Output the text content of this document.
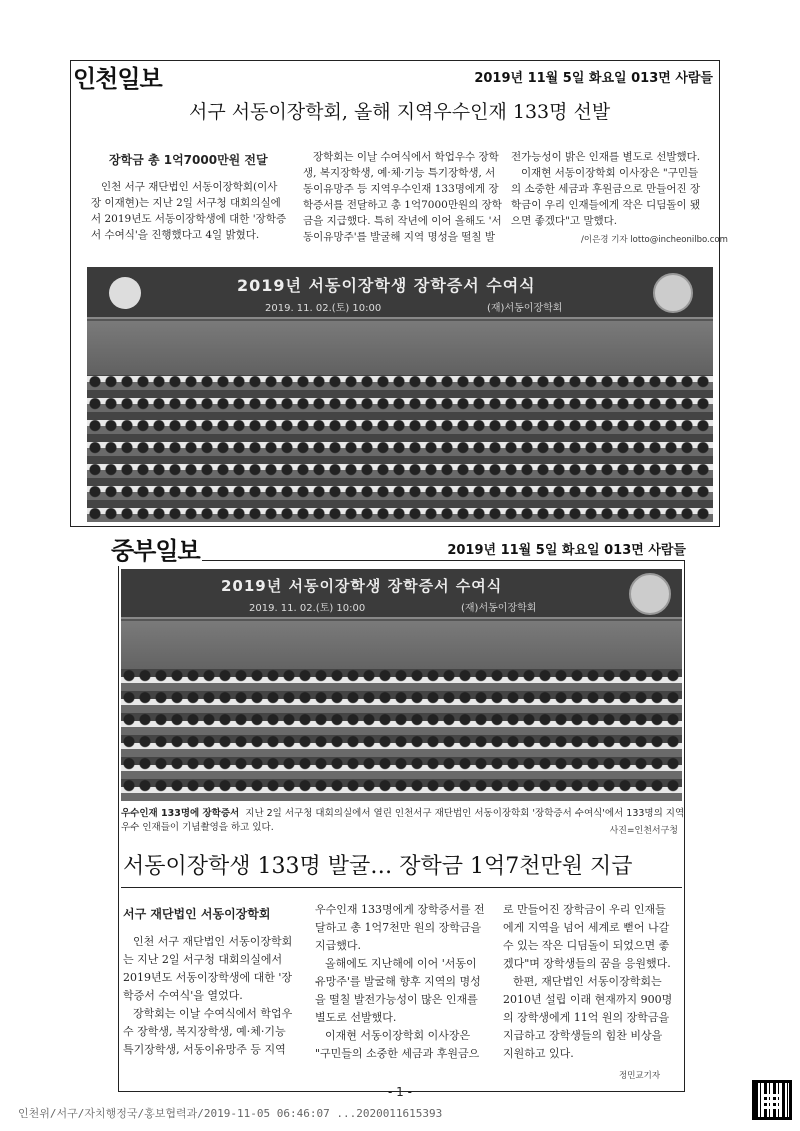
인천일보	2019년 11월 5일 화요일 013면 사람들
서구 서동이장학회, 올해 지역우수인재 133명 선발
장학금 총 1억7000만원 전달

인천 서구 재단법인 서동이장학회(이사

장 이재현)는 지난 2일 서구청 대회의실에

서 2019년도 서동이장학생에 대한 '장학증

서 수여식'을 진행했다고 4일 밝혔다.

장학회는 이날 수여식에서 학업우수 장학

생, 복지장학생, 예·체·기능 특기장학생, 서

동이유망주 등 지역우수인재 133명에게 장

학증서를 전달하고 총 1억7000만원의 장학

금을 지급했다. 특히 작년에 이어 올해도 '서

동이유망주'를 발굴해 지역 명성을 떨칠 발

전가능성이 밝은 인재를 별도로 선발했다.

이재현 서동이장학회 이사장은 "구민들

의 소중한 세금과 후원금으로 만들어진 장

학금이 우리 인재들에게 작은 디딤돌이 됐

으면 좋겠다"고 말했다.

/이은경 기자 lotto@incheonilbo.com
2019년 서동이장학생 장학증서 수여식
2019. 11. 02.(토) 10:00	(재)서동이장학회
중부일보	2019년 11월 5일 화요일 013면 사람들
2019년 서동이장학생 장학증서 수여식
2019. 11. 02.(토) 10:00	(재)서동이장학회
우수인재 133명에 장학증서 지난 2일 서구청 대회의실에서 열린 인천서구 재단법인 서동이장학회 '장학증서 수여식'에서 133명의 지역
우수 인재들이 기념촬영을 하고 있다.	사진=인천서구청
서동이장학생 133명 발굴… 장학금 1억7천만원 지급
서구 재단법인 서동이장학회

인천 서구 재단법인 서동이장학회

는 지난 2일 서구청 대회의실에서

2019년도 서동이장학생에 대한 '장

학증서 수여식'을 열었다.

장학회는 이날 수여식에서 학업우

수 장학생, 복지장학생, 예·체·기능

특기장학생, 서동이유망주 등 지역

우수인재 133명에게 장학증서를 전

달하고 총 1억7천만 원의 장학금을

지급했다.

올해에도 지난해에 이어 '서동이

유망주'를 발굴해 향후 지역의 명성

을 떨칠 발전가능성이 많은 인재를

별도로 선발했다.

이재현 서동이장학회 이사장은

"구민들의 소중한 세금과 후원금으

로 만들어진 장학금이 우리 인재들

에게 지역을 넘어 세계로 뻗어 나갈

수 있는 작은 디딤돌이 되었으면 좋

겠다"며 장학생들의 꿈을 응원했다.

한편, 재단법인 서동이장학회는

2010년 설립 이래 현재까지 900명

의 장학생에게 11억 원의 장학금을

지급하고 장학생들의 힘찬 비상을

지원하고 있다.

정민교기자
- 1 -
인천위/서구/자치행정국/홍보협력과/2019-11-05 06:46:07 ...2020011615393
